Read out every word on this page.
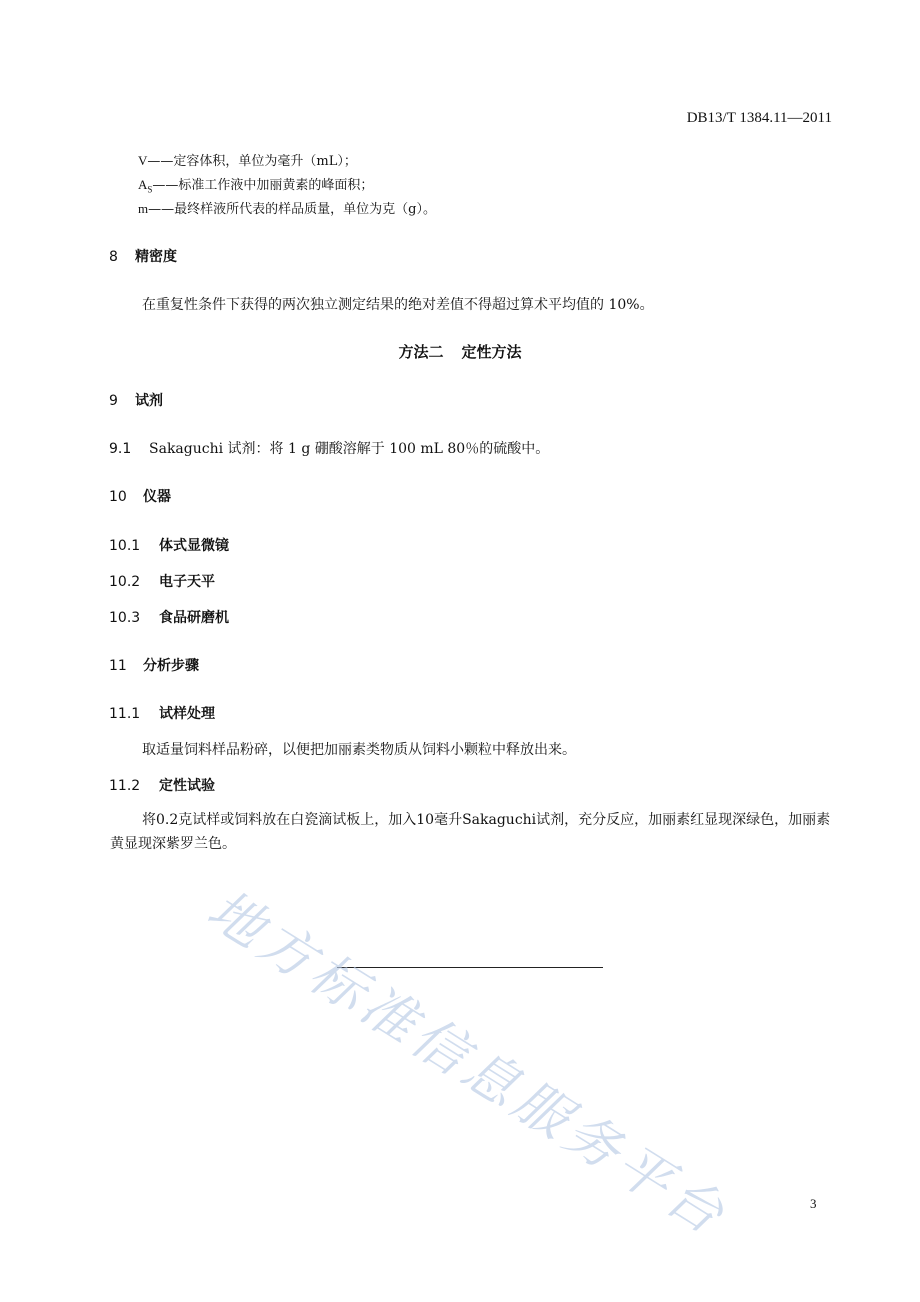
DB13/T 1384.11—2011
V——定容体积，单位为毫升（mL）；
$A_S——$标准工作液中加丽黄素的峰面积；
m——最终样液所代表的样品质量，单位为克（g）。
8 精密度
在重复性条件下获得的两次独立测定结果的绝对差值不得超过算术平均值的 10%。
方法二 定性方法
9 试剂
9.1 Sakaguchi 试剂：将 1 g 硼酸溶解于 100 mL 80％的硫酸中。
10 仪器
10.1 体式显微镜
10.2 电子天平
10.3 食品研磨机
11 分析步骤
11.1 试样处理
取适量饲料样品粉碎，以便把加丽素类物质从饲料小颗粒中释放出来。
11.2 定性试验
将0.2克试样或饲料放在白瓷滴试板上，加入10毫升Sakaguchi试剂，充分反应，加丽素红显现深绿色，加丽素黄显现深紫罗兰色。
地方标准信息服务平台	3
